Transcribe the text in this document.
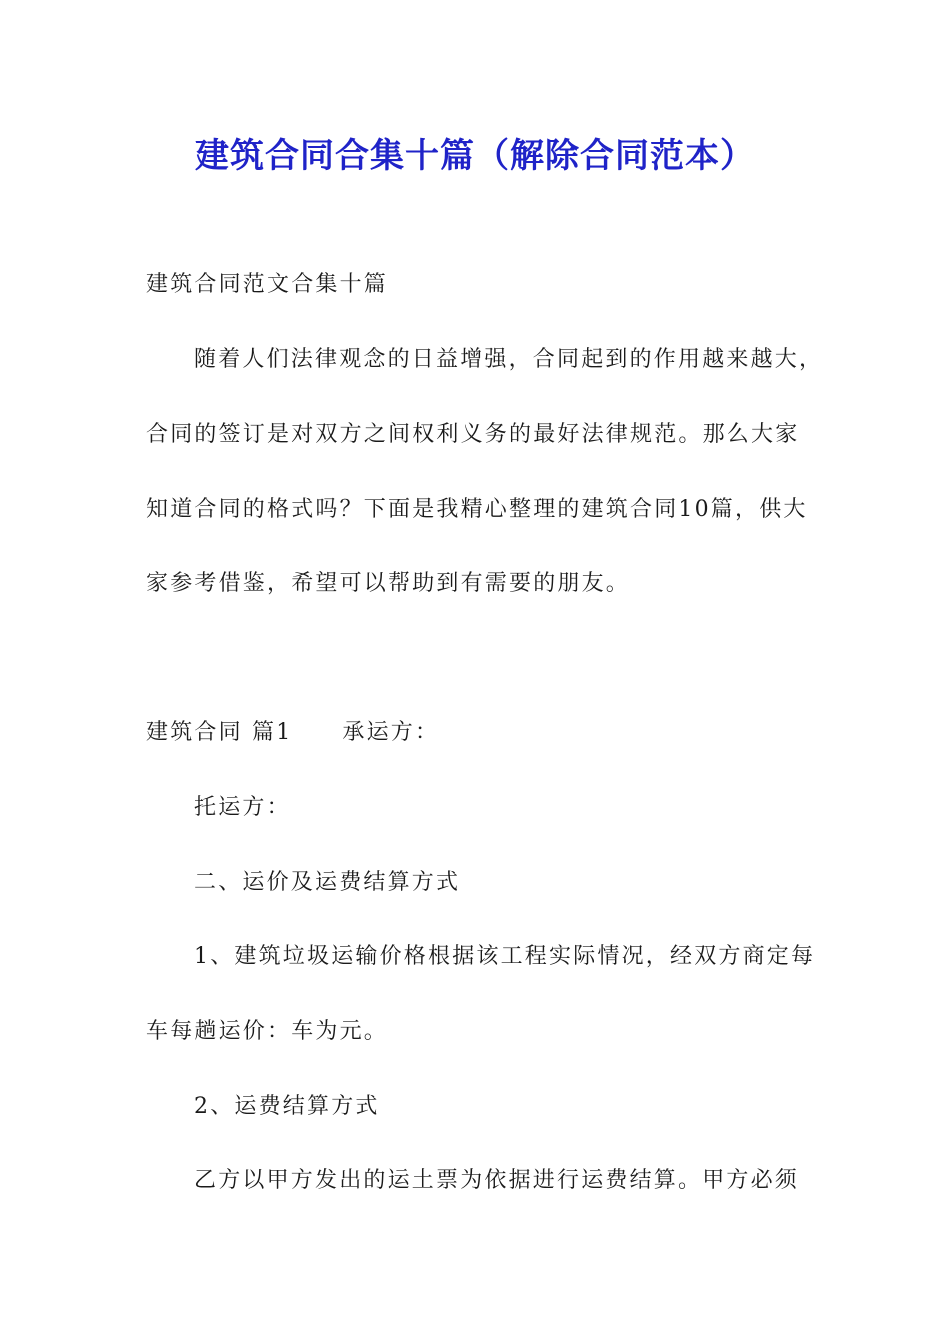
建筑合同合集十篇（解除合同范本）
建筑合同范文合集十篇
随着人们法律观念的日益增强，合同起到的作用越来越大，
合同的签订是对双方之间权利义务的最好法律规范。那么大家
知道合同的格式吗？下面是我精心整理的建筑合同10篇，供大
家参考借鉴，希望可以帮助到有需要的朋友。
建筑合同 篇1 承运方：
托运方：
二、运价及运费结算方式
1、建筑垃圾运输价格根据该工程实际情况，经双方商定每
车每趟运价：车为元。
2、运费结算方式
乙方以甲方发出的运土票为依据进行运费结算。甲方必须
